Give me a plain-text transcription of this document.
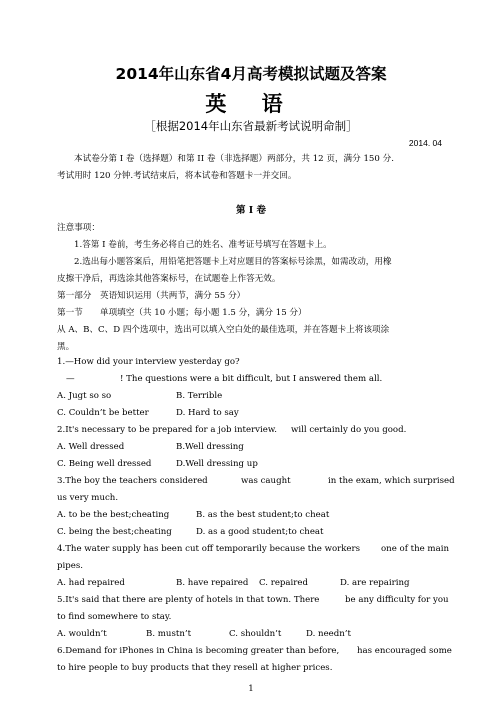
2014年山东省4月高考模拟试题及答案
英 语
［根据2014年山东省最新考试说明命制］
2014. 04
本试卷分第 I 卷（选择题）和第 II 卷（非选择题）两部分，共 12 页，满分 150 分.
考试用时 120 分钟.考试结束后，将本试卷和答题卡一并交回。
第 I 卷
注意事项：
1.答第 I 卷前，考生务必将自己的姓名、准考证号填写在答题卡上。
2.选出每小题答案后，用铅笔把答题卡上对应题目的答案标号涂黑，如需改动，用橡
皮擦干净后，再选涂其他答案标号，在试题卷上作答无效。
第一部分　英语知识运用（共两节，满分 55 分）
第一节　　单项填空（共 10 小题；每小题 1.5 分，满分 15 分）
从 A、B、C、D 四个选项中，选出可以填入空白处的最佳选项，并在答题卡上将该项涂
黑。
1.—How did your interview yesterday go?
—	! The questions were a bit difficult, but I answered them all.
A. Jugt so so	B. Terrible
C. Couldn’t be better	D. Hard to say
2.It's necessary to be prepared for a job interview. will certainly do you good.
A. Well dressed	B.Well dressing
C. Being well dressed	D.Well dressing up
3.The boy the teachers considered	was caught	in the exam, which surprised
us very much.
A. to be the best;cheating	B. as the best student;to cheat
C. being the best;cheating	D. as a good student;to cheat
4.The water supply has been cut off temporarily because the workers one of the main
pipes.
A. had repaired	B. have repaired C. repaired	D. are repairing
5.It's said that there are plenty of hotels in that town. There	be any difficulty for you
to find somewhere to stay.
A. wouldn’t	B. mustn’t	C. shouldn’t	D. needn’t
6.Demand for iPhones in China is becoming greater than before, has encouraged some
to hire people to buy products that they resell at higher prices.
1
